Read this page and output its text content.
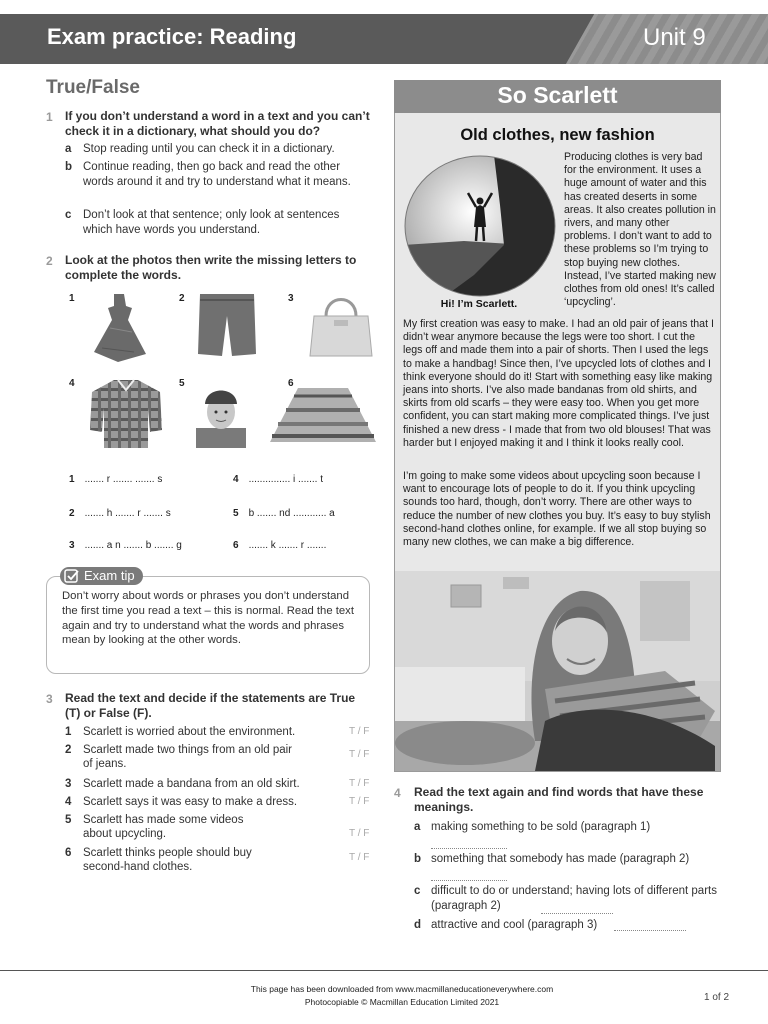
Exam practice: Reading	Unit 9
True/False
1 If you don’t understand a word in a text and you can’t check it in a dictionary, what should you do?
a Stop reading until you can check it in a dictionary.
b Continue reading, then go back and read the other words around it and try to understand what it means.
c Don’t look at that sentence; only look at sentences which have words you understand.
2 Look at the photos then write the missing letters to complete the words.
1	2	3
4	5	6
1 ....... r ....... ....... s	4 ............... i ....... t
2 ....... h ....... r ....... s	5 b ....... nd ............ a
3 ....... a n ....... b ....... g	6 ....... k ....... r .......
Exam tip
Don’t worry about words or phrases you don’t understand the first time you read a text – this is normal. Read the text again and try to understand what the words and phrases mean by looking at the other words.
3 Read the text and decide if the statements are True (T) or False (F).
1 Scarlett is worried about the environment.	T / F
2 Scarlett made two things from an old pair of jeans.
T / F
3 Scarlett made a bandana from an old skirt.	T / F
4 Scarlett says it was easy to make a dress.	T / F
5 Scarlett has made some videos about upcycling.	T / F
6 Scarlett thinks people should buy second-hand clothes.
T / F
So Scarlett
Old clothes, new fashion
Hi! I’m Scarlett.
Producing clothes is very bad for the environment. It uses a huge amount of water and this has created deserts in some areas. It also creates pollution in rivers, and many other problems. I don’t want to add to these problems so I’m trying to stop buying new clothes. Instead, I’ve started making new clothes from old ones! It’s called ‘upcycling’.
My first creation was easy to make. I had an old pair of jeans that I didn’t wear anymore because the legs were too short. I cut the legs off and made them into a pair of shorts. Then I used the legs to make a handbag! Since then, I’ve upcycled lots of clothes and I think everyone should do it! Start with something easy like making jeans into shorts. I’ve also made bandanas from old shirts, and skirts from old scarfs – they were easy too. When you get more confident, you can start making more complicated things. I’ve just finished a new dress - I made that from two old blouses! That was harder but I enjoyed making it and I think it looks really cool.
I’m going to make some videos about upcycling soon because I want to encourage lots of people to do it. If you think upcycling sounds too hard, though, don’t worry. There are other ways to reduce the number of new clothes you buy. It’s easy to buy stylish second-hand clothes online, for example. If we all stop buying so many new clothes, we can make a big difference.
4 Read the text again and find words that have these meanings.
a making something to be sold (paragraph 1)
b something that somebody has made (paragraph 2)
c difficult to do or understand; having lots of different parts (paragraph 2)
d attractive and cool (paragraph 3)
This page has been downloaded from www.macmillaneducationeverywhere.com
Photocopiable © Macmillan Education Limited 2021	1 of 2
